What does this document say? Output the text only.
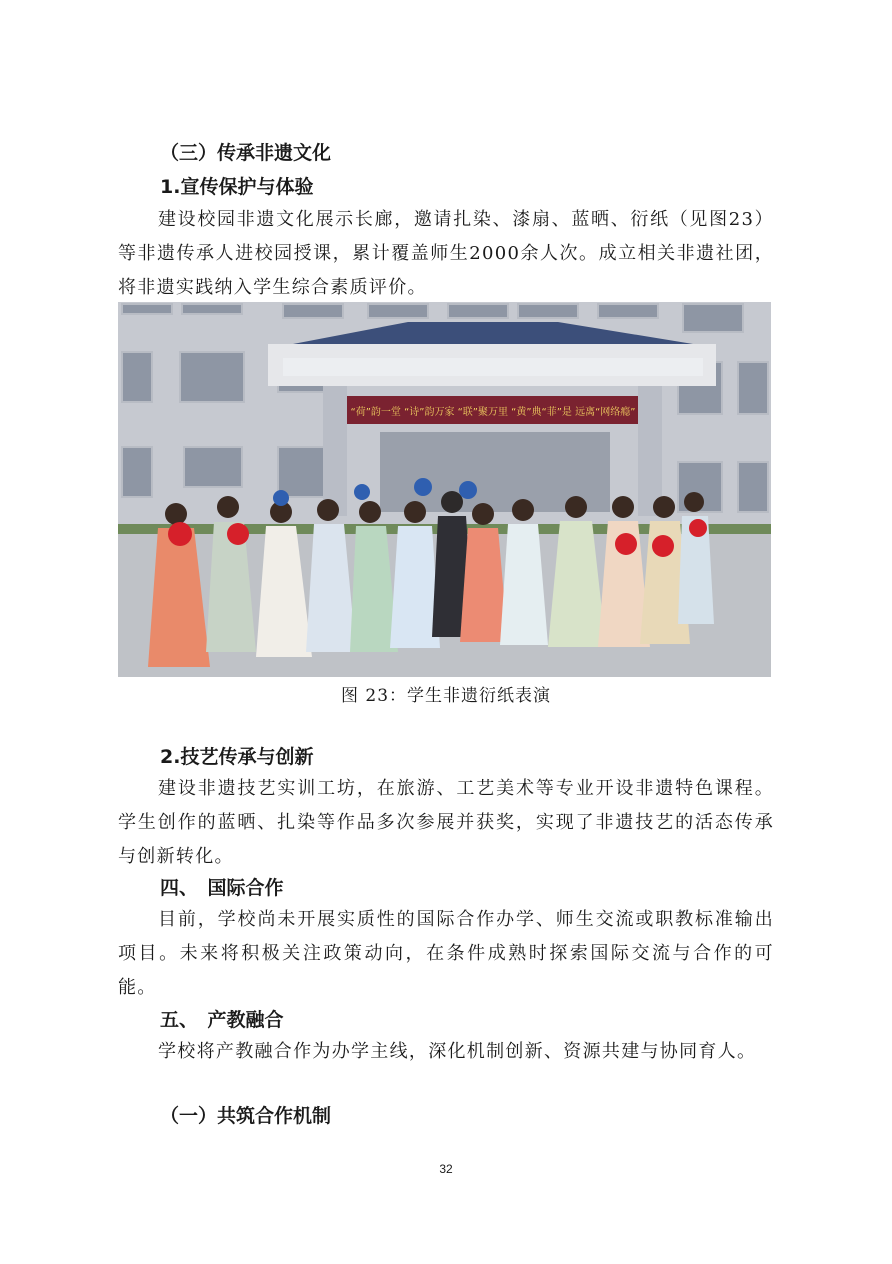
（三）传承非遗文化
1.宣传保护与体验

建设校园非遗文化展示长廊，邀请扎染、漆扇、蓝晒、衍纸（见图23）等非遗传承人进校园授课，累计覆盖师生2000余人次。成立相关非遗社团，将非遗实践纳入学生综合素质评价。

“荷”韵一堂 “诗”韵万家 “联”聚万里 “黄”典“菲”是 远离“网络瘾”
图 23：学生非遗衍纸表演
2.技艺传承与创新

建设非遗技艺实训工坊，在旅游、工艺美术等专业开设非遗特色课程。学生创作的蓝晒、扎染等作品多次参展并获奖，实现了非遗技艺的活态传承与创新转化。

四、　国际合作

目前，学校尚未开展实质性的国际合作办学、师生交流或职教标准输出项目。未来将积极关注政策动向，在条件成熟时探索国际交流与合作的可能。

五、　产教融合

学校将产教融合作为办学主线，深化机制创新、资源共建与协同育人。

（一）共筑合作机制
32
